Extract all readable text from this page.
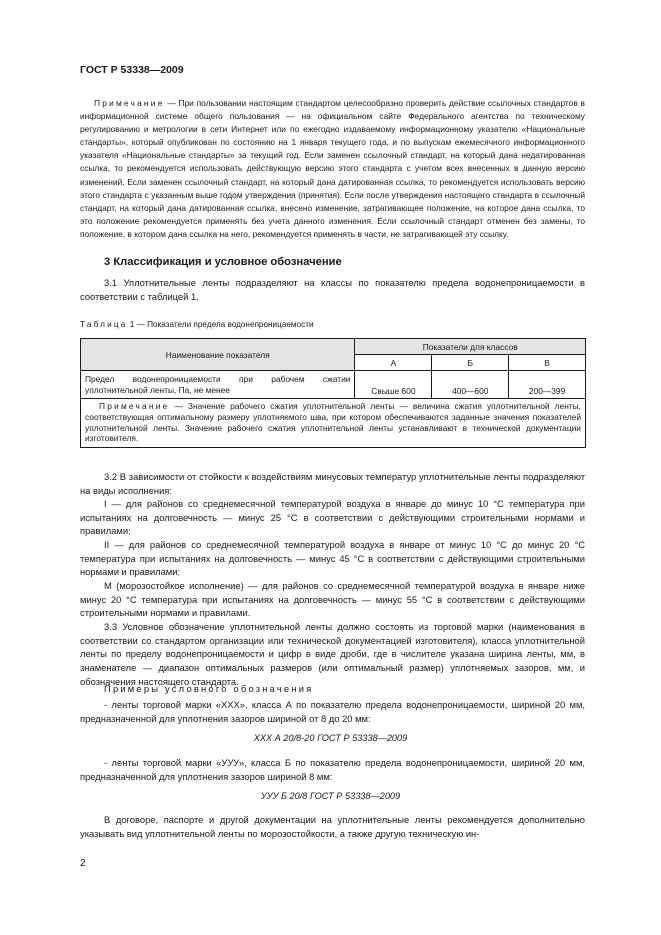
ГОСТ Р 53338—2009
Примечание — При пользовании настоящим стандартом целесообразно проверить действие ссылочных стандартов в информационной системе общего пользования — на официальном сайте Федерального агентства по техническому регулированию и метрологии в сети Интернет или по ежегодно издаваемому информационному указателю «Национальные стандарты», который опубликован по состоянию на 1 января текущего года, и по выпускам ежемесячного информационного указателя «Национальные стандарты» за текущий год. Если заменен ссылочный стандарт, на который дана недатированная ссылка, то рекомендуется использовать действующую версию этого стандарта с учетом всех внесенных в данную версию изменений. Если заменен ссылочный стандарт, на который дана датированная ссылка, то рекомендуется использовать версию этого стандарта с указанным выше годом утверждения (принятия). Если после утверждения настоящего стандарта в ссылочный стандарт, на который дана датированная ссылка, внесено изменение, затрагивающее положение, на которое дана ссылка, то это положение рекомендуется применять без учета данного изменения. Если ссылочный стандарт отменен без замены, то положение, в котором дана ссылка на него, рекомендуется применять в части, не затрагивающей эту ссылку.
3 Классификация и условное обозначение
3.1 Уплотнительные ленты подразделяют на классы по показателю предела водонепроницаемости в соответствии с таблицей 1.
Таблица 1 — Показатели предела водонепроницаемости
Наименование показателя	Показатели для классов		
	А	Б	В
Предел водонепроницаемости при рабочем сжатии уплотнительной ленты, Па, не менее	Свыше 600	400—600	200—399
Примечание — Значение рабочего сжатия уплотнительной ленты — величина сжатия уплотнительной ленты, соответствующая оптимальному размеру уплотняемого шва, при котором обеспечиваются заданные значения показателей уплотнительной ленты. Значение рабочего сжатия уплотнительной ленты устанавливают в технической документации изготовителя.			
3.2 В зависимости от стойкости к воздействиям минусовых температур уплотнительные ленты подразделяют на виды исполнения:
I — для районов со среднемесячной температурой воздуха в январе до минус 10 °С температура при испытаниях на долговечность — минус 25 °С в соответствии с действующими строительными нормами и правилами;
II — для районов со среднемесячной температурой воздуха в январе от минус 10 °С до минус 20 °С температура при испытаниях на долговечность — минус 45 °С в соответствии с действующими строительными нормами и правилами;
М (морозостойкое исполнение) — для районов со среднемесячной температурой воздуха в январе ниже минус 20 °С температура при испытаниях на долговечность — минус 55 °С в соответствии с действующими строительными нормами и правилами.
3.3 Условное обозначение уплотнительной ленты должно состоять из торговой марки (наименования в соответствии со стандартом организации или технической документацией изготовителя), класса уплотнительной ленты по пределу водонепроницаемости и цифр в виде дроби, где в числителе указана ширина ленты, мм, в знаменателе — диапазон оптимальных размеров (или оптимальный размер) уплотняемых зазоров, мм, и обозначения настоящего стандарта.
Примеры условного обозначения
- ленты торговой марки «XXX», класса А по показателю предела водонепроницаемости, шириной 20 мм, предназначенной для уплотнения зазоров шириной от 8 до 20 мм:
XXX А 20/8-20 ГОСТ Р 53338—2009
- ленты торговой марки «УУУ», класса Б по показателю предела водонепроницаемости, шириной 20 мм, предназначенной для уплотнения зазоров шириной 8 мм:
УУУ Б 20/8 ГОСТ Р 53338—2009
В договоре, паспорте и другой документации на уплотнительные ленты рекомендуется дополнительно указывать вид уплотнительной ленты по морозостойкости, а также другую техническую ин-
2
